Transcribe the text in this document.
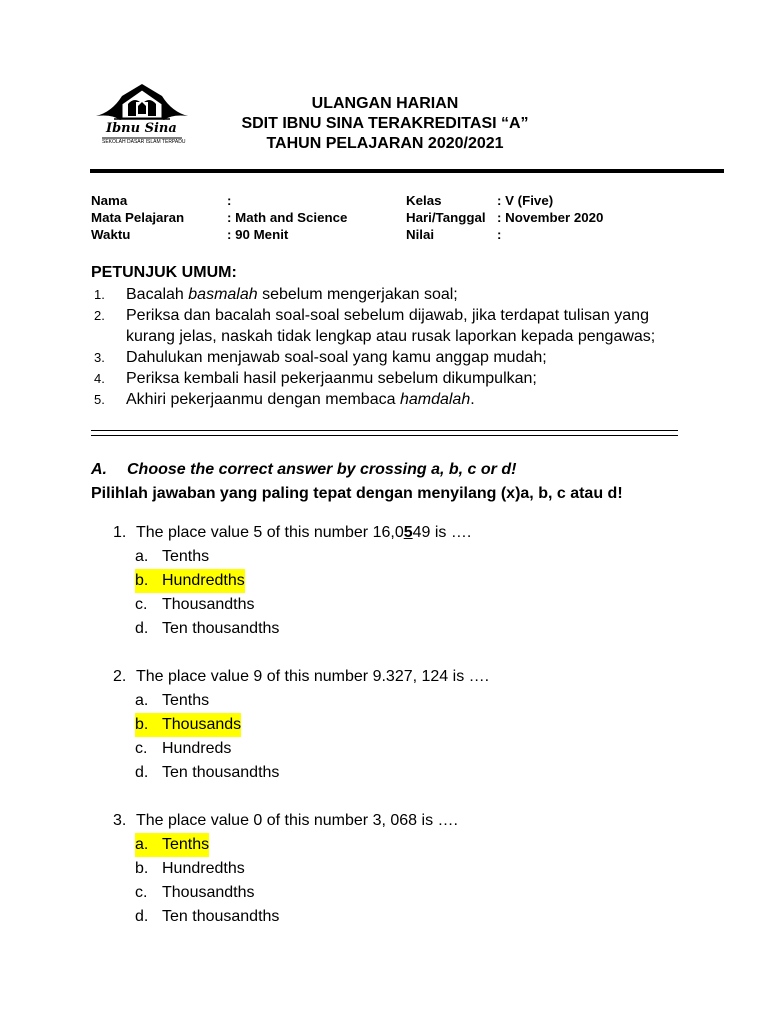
Ibnu Sina
SEKOLAH DASAR ISLAM TERPADU
ULANGAN HARIAN
SDIT IBNU SINA TERAKREDITASI “A”
TAHUN PELAJARAN 2020/2021
Nama	:	Kelas	: V (Five)
Mata Pelajaran	: Math and Science	Hari/Tanggal : November 2020
Waktu	: 90 Menit	Nilai	:
PETUNJUK UMUM:
1.	Bacalah basmalah sebelum mengerjakan soal;
2.	Periksa dan bacalah soal-soal sebelum dijawab, jika terdapat tulisan yang kurang jelas, naskah tidak lengkap atau rusak laporkan kepada pengawas;
3.	Dahulukan menjawab soal-soal yang kamu anggap mudah;
4.	Periksa kembali hasil pekerjaanmu sebelum dikumpulkan;
5.	Akhiri pekerjaanmu dengan membaca hamdalah.
A.	Choose the correct answer by crossing a, b, c or d!
Pilihlah jawaban yang paling tepat dengan menyilang (x)a, b, c atau d!
1. The place value 5 of this number 16,0549 is ….
a. Tenths
b. Hundredths
c. Thousandths
d. Ten thousandths
2. The place value 9 of this number 9.327, 124 is ….
a. Tenths
b. Thousands
c. Hundreds
d. Ten thousandths
3. The place value 0 of this number 3, 068 is ….
a. Tenths
b. Hundredths
c. Thousandths
d. Ten thousandths
